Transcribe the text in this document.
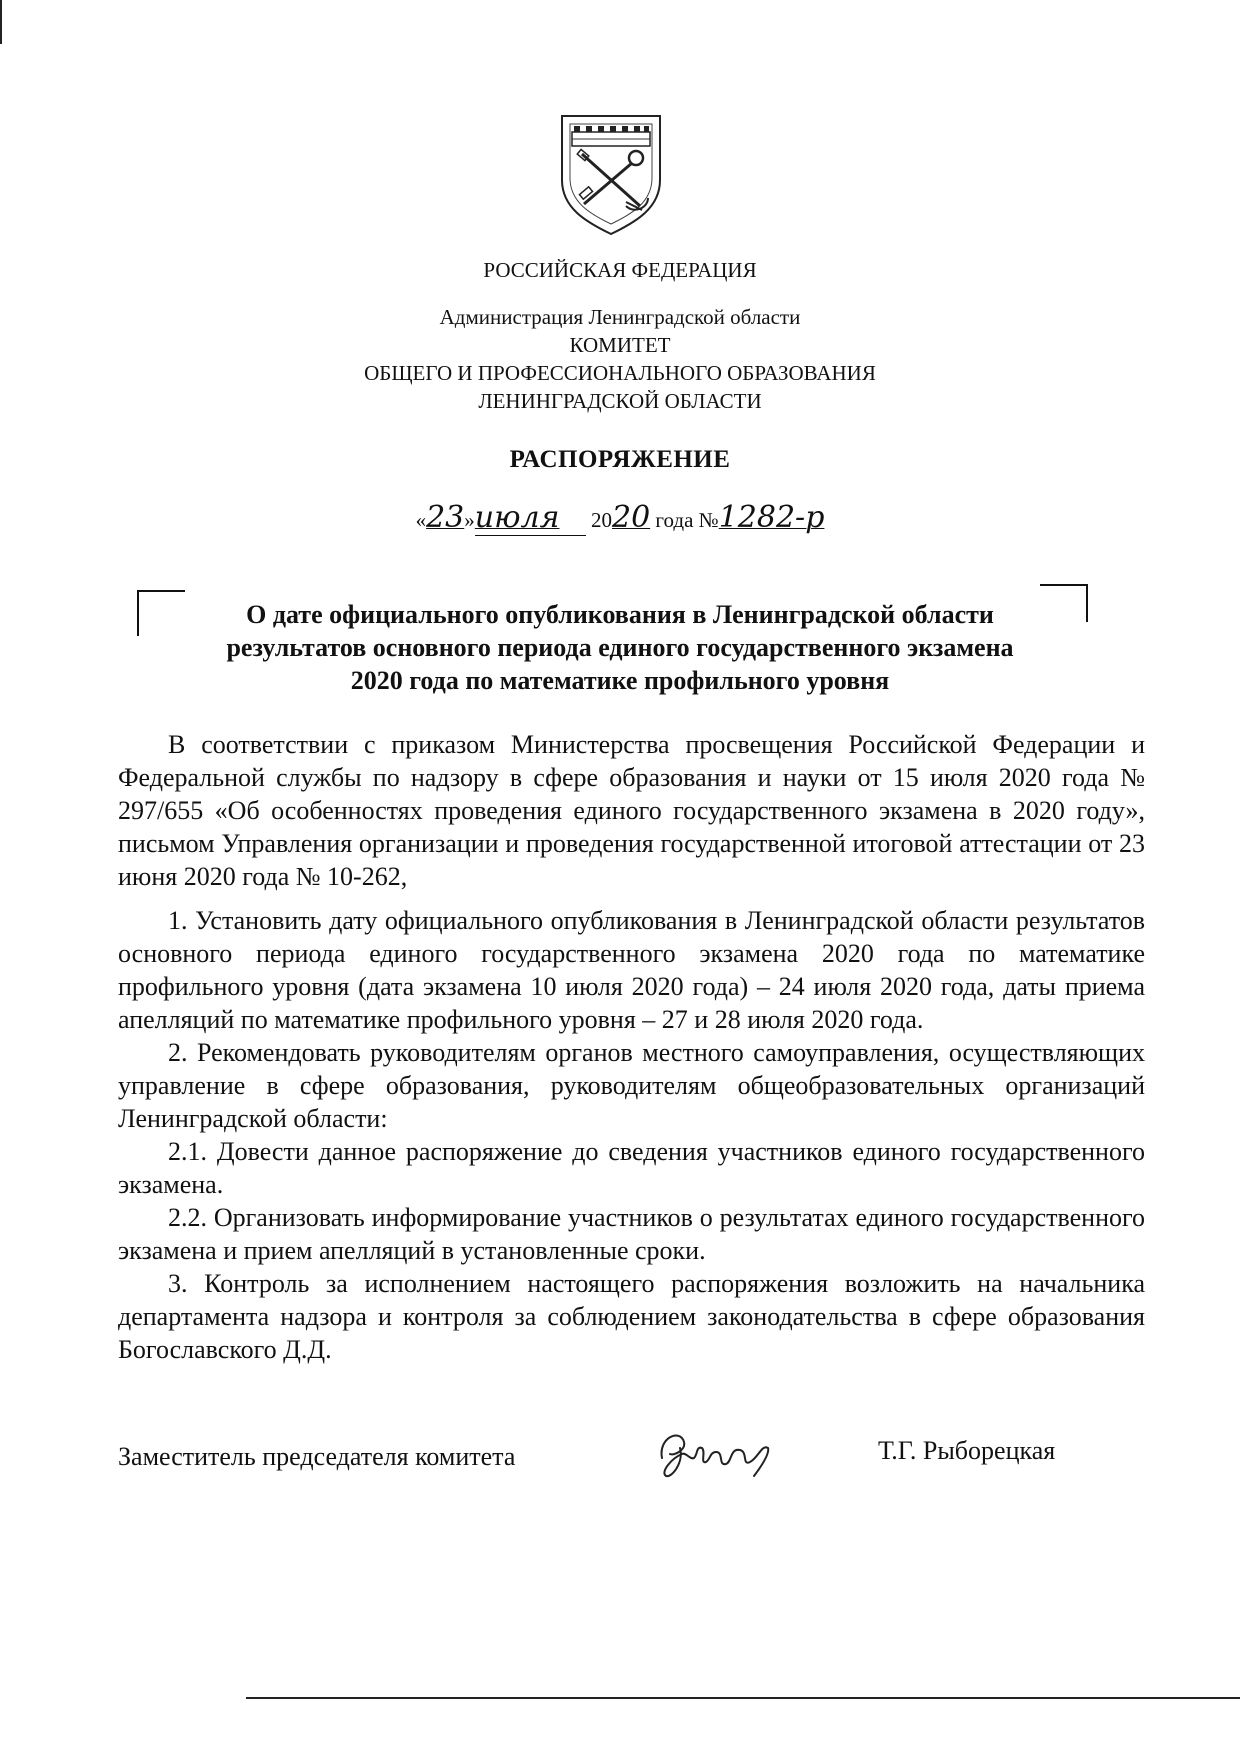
РОССИЙСКАЯ ФЕДЕРАЦИЯ
Администрация Ленинградской области
КОМИТЕТ
ОБЩЕГО И ПРОФЕССИОНАЛЬНОГО ОБРАЗОВАНИЯ
ЛЕНИНГРАДСКОЙ ОБЛАСТИ
РАСПОРЯЖЕНИЕ
«23»июля 2020 года №1282-р
О дате официального опубликования в Ленинградской области
результатов основного периода единого государственного экзамена
2020 года по математике профильного уровня

В соответствии с приказом Министерства просвещения Российской Федерации и Федеральной службы по надзору в сфере образования и науки от 15 июля 2020 года № 297/655 «Об особенностях проведения единого государственного экзамена в 2020 году», письмом Управления организации и проведения государственной итоговой аттестации от 23 июня 2020 года № 10-262,

1. Установить дату официального опубликования в Ленинградской области результатов основного периода единого государственного экзамена 2020 года по математике профильного уровня (дата экзамена 10 июля 2020 года) – 24 июля 2020 года, даты приема апелляций по математике профильного уровня – 27 и 28 июля 2020 года.

2. Рекомендовать руководителям органов местного самоуправления, осуществляющих управление в сфере образования, руководителям общеобразовательных организаций Ленинградской области:

2.1. Довести данное распоряжение до сведения участников единого государственного экзамена.

2.2. Организовать информирование участников о результатах единого государственного экзамена и прием апелляций в установленные сроки.

3. Контроль за исполнением настоящего распоряжения возложить на начальника департамента надзора и контроля за соблюдением законодательства в сфере образования Богославского Д.Д.

Заместитель председателя комитета	Т.Г. Рыборецкая
